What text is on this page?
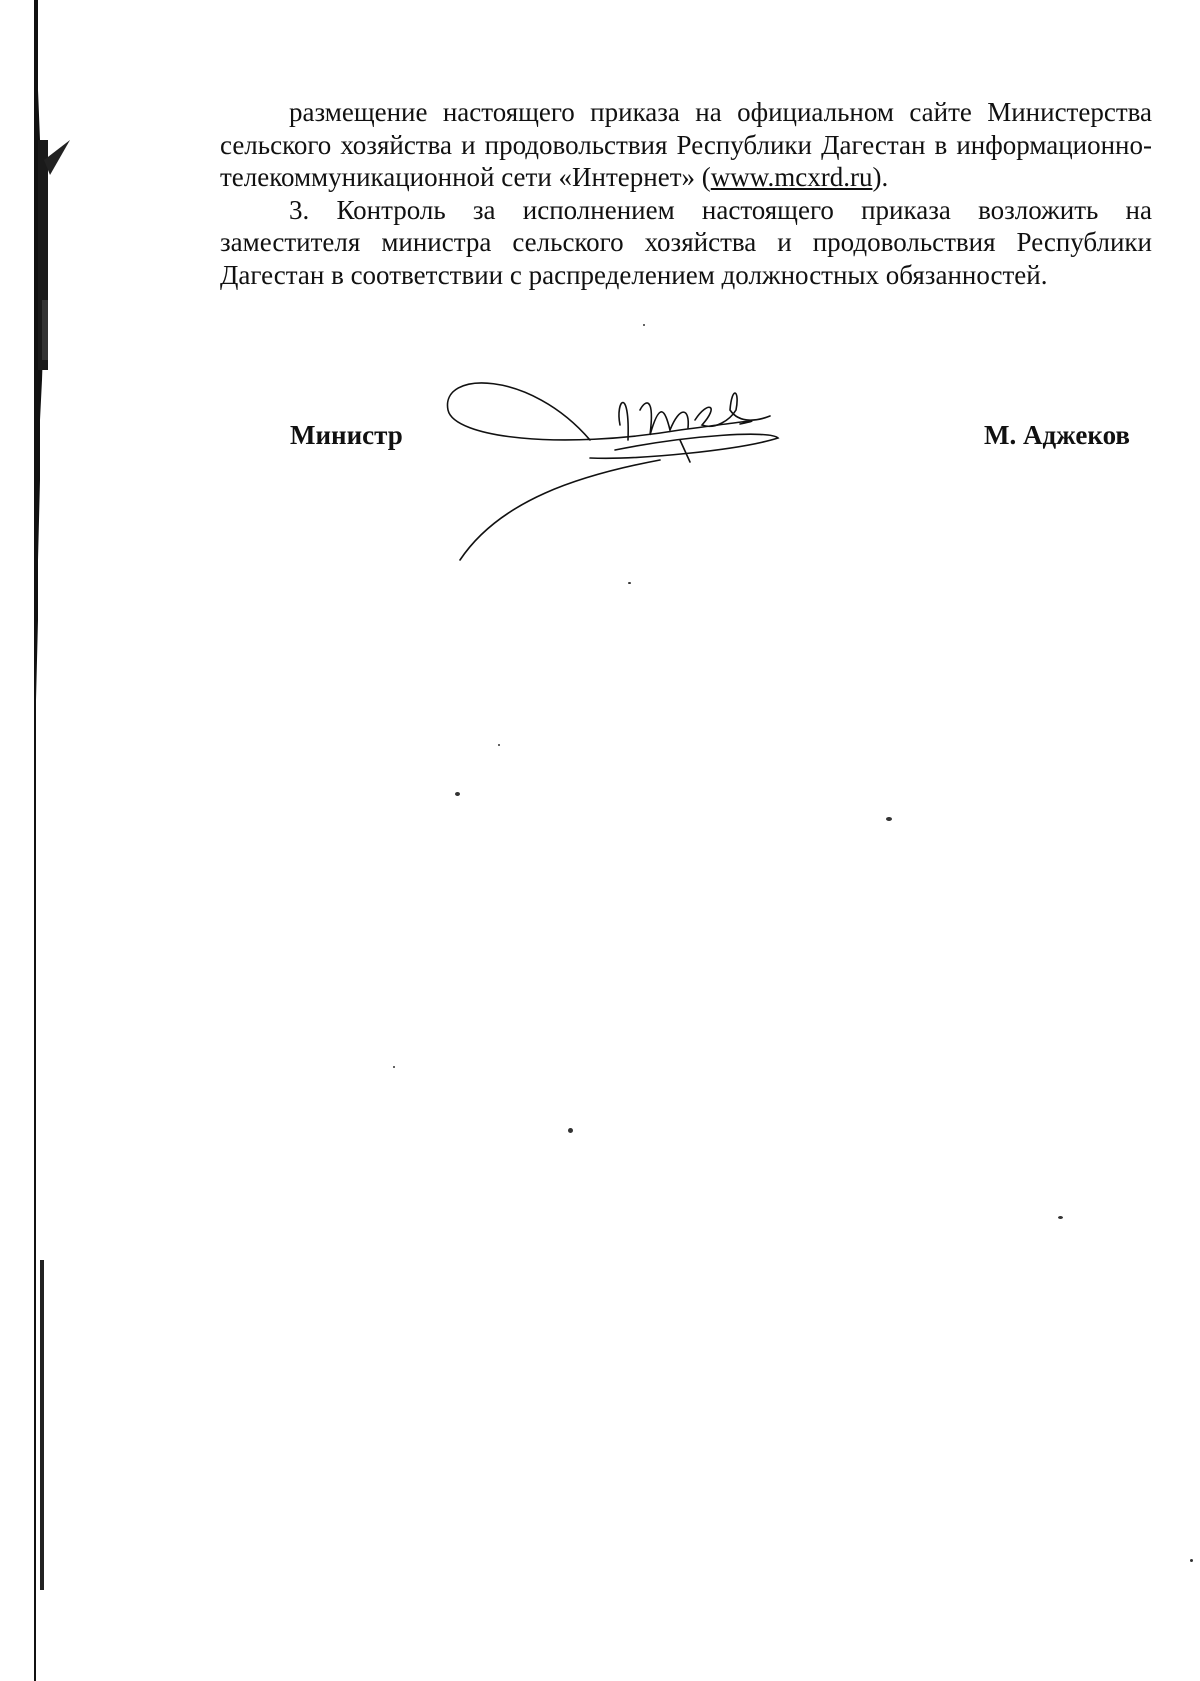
размещение настоящего приказа на официальном сайте Министерства сельского хозяйства и продовольствия Республики Дагестан в информационно-телекоммуникационной сети «Интернет» (www.mcxrd.ru).

3. Контроль за исполнением настоящего приказа возложить на заместителя министра сельского хозяйства и продовольствия Республики Дагестан в соответствии с распределением должностных обязанностей.

Министр	М. Аджеков
